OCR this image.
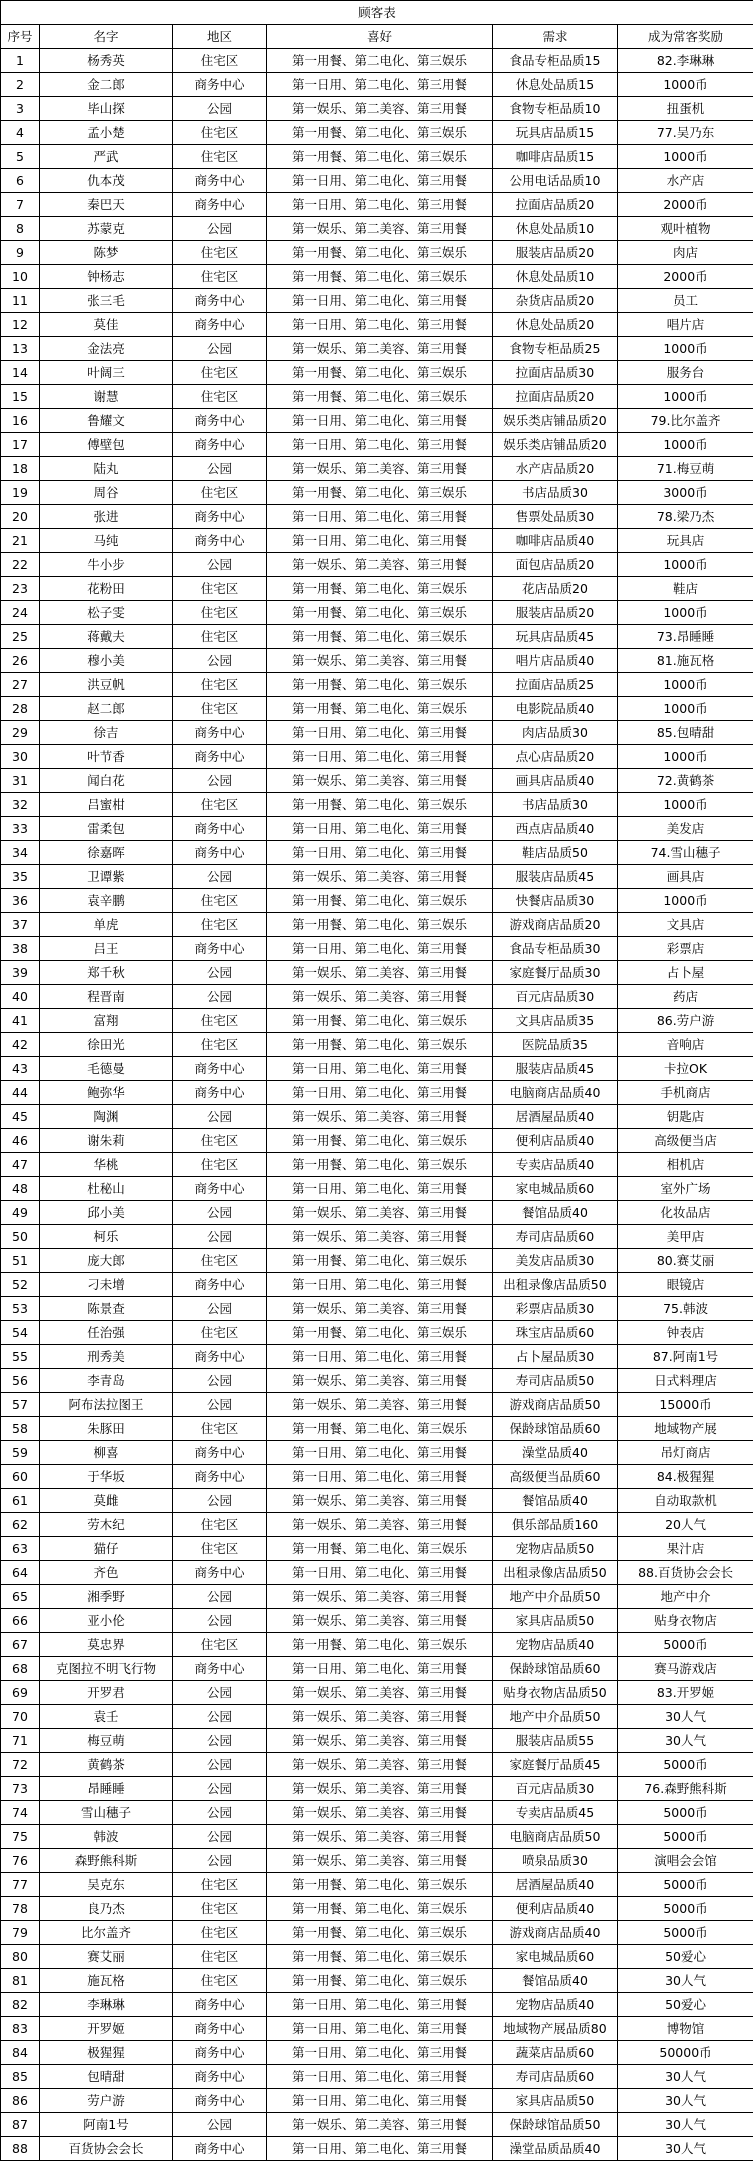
顾客表					
序号	名字	地区	喜好	需求	成为常客奖励
1	杨秀英	住宅区	第一用餐、第二电化、第三娱乐	食品专柜品质15	82.李琳琳
2	金二郎	商务中心	第一日用、第二电化、第三用餐	休息处品质15	1000币
3	毕山探	公园	第一娱乐、第二美容、第三用餐	食物专柜品质10	扭蛋机
4	孟小楚	住宅区	第一用餐、第二电化、第三娱乐	玩具店品质15	77.吴乃东
5	严武	住宅区	第一用餐、第二电化、第三娱乐	咖啡店品质15	1000币
6	仇本茂	商务中心	第一日用、第二电化、第三用餐	公用电话品质10	水产店
7	秦巴天	商务中心	第一日用、第二电化、第三用餐	拉面店品质20	2000币
8	苏蒙克	公园	第一娱乐、第二美容、第三用餐	休息处品质10	观叶植物
9	陈梦	住宅区	第一用餐、第二电化、第三娱乐	服装店品质20	肉店
10	钟杨志	住宅区	第一用餐、第二电化、第三娱乐	休息处品质10	2000币
11	张三毛	商务中心	第一日用、第二电化、第三用餐	杂货店品质20	员工
12	莫佳	商务中心	第一日用、第二电化、第三用餐	休息处品质20	唱片店
13	金法亮	公园	第一娱乐、第二美容、第三用餐	食物专柜品质25	1000币
14	叶阔三	住宅区	第一用餐、第二电化、第三娱乐	拉面店品质30	服务台
15	谢慧	住宅区	第一用餐、第二电化、第三娱乐	拉面店品质20	1000币
16	鲁耀文	商务中心	第一日用、第二电化、第三用餐	娱乐类店铺品质20	79.比尔盖齐
17	傅壁包	商务中心	第一日用、第二电化、第三用餐	娱乐类店铺品质20	1000币
18	陆丸	公园	第一娱乐、第二美容、第三用餐	水产店品质20	71.梅豆萌
19	周谷	住宅区	第一用餐、第二电化、第三娱乐	书店品质30	3000币
20	张进	商务中心	第一日用、第二电化、第三用餐	售票处品质30	78.梁乃杰
21	马纯	商务中心	第一日用、第二电化、第三用餐	咖啡店品质40	玩具店
22	牛小步	公园	第一娱乐、第二美容、第三用餐	面包店品质20	1000币
23	花粉田	住宅区	第一用餐、第二电化、第三娱乐	花店品质20	鞋店
24	松子雯	住宅区	第一用餐、第二电化、第三娱乐	服装店品质20	1000币
25	蒋戴夫	住宅区	第一用餐、第二电化、第三娱乐	玩具店品质45	73.昂睡睡
26	穆小美	公园	第一娱乐、第二美容、第三用餐	唱片店品质40	81.施瓦格
27	洪豆帆	住宅区	第一用餐、第二电化、第三娱乐	拉面店品质25	1000币
28	赵二郎	住宅区	第一用餐、第二电化、第三娱乐	电影院品质40	1000币
29	徐吉	商务中心	第一日用、第二电化、第三用餐	肉店品质30	85.包晴甜
30	叶节香	商务中心	第一日用、第二电化、第三用餐	点心店品质20	1000币
31	闻白花	公园	第一娱乐、第二美容、第三用餐	画具店品质40	72.黄鹤茶
32	吕蜜柑	住宅区	第一用餐、第二电化、第三娱乐	书店品质30	1000币
33	雷柔包	商务中心	第一日用、第二电化、第三用餐	西点店品质40	美发店
34	徐嘉晖	商务中心	第一日用、第二电化、第三用餐	鞋店品质50	74.雪山穗子
35	卫谭紫	公园	第一娱乐、第二美容、第三用餐	服装店品质45	画具店
36	袁辛鹏	住宅区	第一用餐、第二电化、第三娱乐	快餐店品质30	1000币
37	单虎	住宅区	第一用餐、第二电化、第三娱乐	游戏商店品质20	文具店
38	吕王	商务中心	第一日用、第二电化、第三用餐	食品专柜品质30	彩票店
39	郑千秋	公园	第一娱乐、第二美容、第三用餐	家庭餐厅品质30	占卜屋
40	程晋南	公园	第一娱乐、第二美容、第三用餐	百元店品质30	药店
41	富翔	住宅区	第一用餐、第二电化、第三娱乐	文具店品质35	86.劳户游
42	徐田光	住宅区	第一用餐、第二电化、第三娱乐	医院品质35	音响店
43	毛德曼	商务中心	第一日用、第二电化、第三用餐	服装店品质45	卡拉OK
44	鲍弥华	商务中心	第一日用、第二电化、第三用餐	电脑商店品质40	手机商店
45	陶渊	公园	第一娱乐、第二美容、第三用餐	居酒屋品质40	钥匙店
46	谢朱莉	住宅区	第一用餐、第二电化、第三娱乐	便利店品质40	高级便当店
47	华桃	住宅区	第一用餐、第二电化、第三娱乐	专卖店品质40	相机店
48	杜秘山	商务中心	第一日用、第二电化、第三用餐	家电城品质60	室外广场
49	邱小美	公园	第一娱乐、第二美容、第三用餐	餐馆品质40	化妆品店
50	柯乐	公园	第一娱乐、第二美容、第三用餐	寿司店品质60	美甲店
51	庞大郎	住宅区	第一用餐、第二电化、第三娱乐	美发店品质30	80.赛艾丽
52	刁未增	商务中心	第一日用、第二电化、第三用餐	出租录像店品质50	眼镜店
53	陈景查	公园	第一娱乐、第二美容、第三用餐	彩票店品质30	75.韩波
54	任治强	住宅区	第一用餐、第二电化、第三娱乐	珠宝店品质60	钟表店
55	刑秀美	商务中心	第一日用、第二电化、第三用餐	占卜屋品质30	87.阿南1号
56	李青岛	公园	第一娱乐、第二美容、第三用餐	寿司店品质50	日式料理店
57	阿布法拉图王	公园	第一娱乐、第二美容、第三用餐	游戏商店品质50	15000币
58	朱豚田	住宅区	第一用餐、第二电化、第三娱乐	保龄球馆品质60	地域物产展
59	柳喜	商务中心	第一日用、第二电化、第三用餐	澡堂品质40	吊灯商店
60	于华坂	商务中心	第一日用、第二电化、第三用餐	高级便当品质60	84.极猩猩
61	莫雌	公园	第一娱乐、第二美容、第三用餐	餐馆品质40	自动取款机
62	劳木纪	住宅区	第一娱乐、第二美容、第三用餐	俱乐部品质160	20人气
63	猫仔	住宅区	第一用餐、第二电化、第三娱乐	宠物店品质50	果汁店
64	齐色	商务中心	第一日用、第二电化、第三用餐	出租录像店品质50	88.百货协会会长
65	湘季野	公园	第一娱乐、第二美容、第三用餐	地产中介品质50	地产中介
66	亚小伦	公园	第一娱乐、第二美容、第三用餐	家具店品质50	贴身衣物店
67	莫忠界	住宅区	第一用餐、第二电化、第三娱乐	宠物店品质40	5000币
68	克图拉不明飞行物	商务中心	第一日用、第二电化、第三用餐	保龄球馆品质60	赛马游戏店
69	开罗君	公园	第一娱乐、第二美容、第三用餐	贴身衣物店品质50	83.开罗姬
70	袁壬	公园	第一娱乐、第二美容、第三用餐	地产中介品质50	30人气
71	梅豆萌	公园	第一娱乐、第二美容、第三用餐	服装店品质55	30人气
72	黄鹤茶	公园	第一娱乐、第二美容、第三用餐	家庭餐厅品质45	5000币
73	昂睡睡	公园	第一娱乐、第二美容、第三用餐	百元店品质30	76.森野熊科斯
74	雪山穗子	公园	第一娱乐、第二美容、第三用餐	专卖店品质45	5000币
75	韩波	公园	第一娱乐、第二美容、第三用餐	电脑商店品质50	5000币
76	森野熊科斯	公园	第一娱乐、第二美容、第三用餐	喷泉品质30	演唱会会馆
77	吴克东	住宅区	第一用餐、第二电化、第三娱乐	居酒屋品质40	5000币
78	良乃杰	住宅区	第一用餐、第二电化、第三娱乐	便利店品质40	5000币
79	比尔盖齐	住宅区	第一用餐、第二电化、第三娱乐	游戏商店品质40	5000币
80	赛艾丽	住宅区	第一用餐、第二电化、第三娱乐	家电城品质60	50爱心
81	施瓦格	住宅区	第一用餐、第二电化、第三娱乐	餐馆品质40	30人气
82	李琳琳	商务中心	第一日用、第二电化、第三用餐	宠物店品质40	50爱心
83	开罗姬	商务中心	第一日用、第二电化、第三用餐	地域物产展品质80	博物馆
84	极猩猩	商务中心	第一日用、第二电化、第三用餐	蔬菜店品质60	50000币
85	包晴甜	商务中心	第一日用、第二电化、第三用餐	寿司店品质60	30人气
86	劳户游	商务中心	第一日用、第二电化、第三用餐	家具店品质50	30人气
87	阿南1号	公园	第一娱乐、第二美容、第三用餐	保龄球馆品质50	30人气
88	百货协会会长	商务中心	第一日用、第二电化、第三用餐	澡堂品质品质40	30人气
